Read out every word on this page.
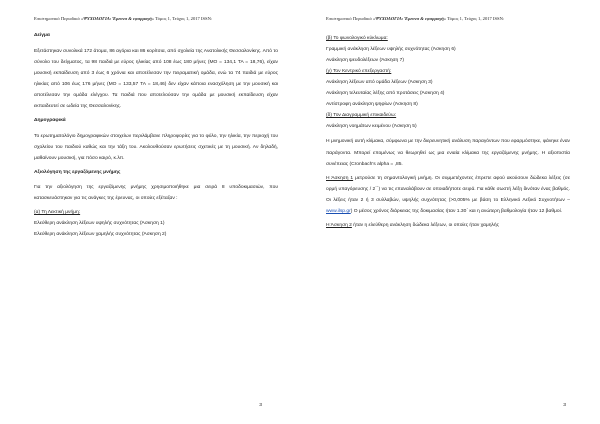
Επιστημονικό Περιοδικό «ΨΥΧΟΛΟΓΙΑ: Έρευνα & εφαρμογή» Τόμος 1, Τεύχος 1, 2017 ISSN:
Δείγμα

Εξετάστηκαν συνολικά 172 άτομα, 86 αγόρια και 86 κορίτσια, από σχολεία της Ανατολικής Θεσσαλονίκης. Από το σύνολο του δείγματος, τα 98 παιδιά με εύρος ηλικίας από 108 έως 180 μήνες (ΜΟ = 134,1 ΤΑ = 18,76), είχαν μουσική εκπαίδευση από 3 έως 6 χρόνια και αποτέλεσαν την πειραματική ομάδα, ενώ τα 74 παιδιά με εύρος ηλικίας από 106 έως 176 μήνες (ΜΟ = 133,57 ΤΑ = 18,46) δεν είχαν κάποια ενασχόληση με την μουσική και αποτέλεσαν την ομάδα ελέγχου. Τα παιδιά που αποτελούσαν την ομάδα με μουσική εκπαίδευση είχαν εκπαιδευτεί σε ωδεία της Θεσσαλονίκης.

Δημογραφικά

Το ερωτηματολόγιο δημογραφικών στοιχείων περιλάμβανε πληροφορίες για το φύλο, την ηλικία, την περιοχή του σχολείου του παιδιού καθώς και την τάξη του. Ακολουθούσαν ερωτήσεις σχετικές με τη μουσική. Αν δηλαδή, μαθαίνουν μουσική, για πόσο καιρό, κ.λπ.

Αξιολόγηση της εργαζόμενης μνήμης

Για την αξιολόγηση της εργαζόμενης μνήμης χρησιμοποιήθηκε μια σειρά 8 υποδοκιμασιών, που κατασκευάστηκαν για τις ανάγκες της έρευνας, οι οποίες εξέταζαν :

(α) Τη Λεκτική μνήμη:

Ελεύθερη ανάκληση λέξεων υψηλής συχνότητας (Άσκηση 1)

Ελεύθερη ανάκληση λέξεων χαμηλής συχνότητας (Άσκηση 2)

3
Επιστημονικό Περιοδικό «ΨΥΧΟΛΟΓΙΑ: Έρευνα & εφαρμογή» Τόμος 1, Τεύχος 1, 2017 ISSN:

(β) Το φωνολογικό κύκλωμα:

Γραμμική ανάκληση λέξεων υψηλής συχνότητας (Άσκηση 6)

Ανάκληση ψευδολέξεων (Άσκηση 7)

(γ) Τον Κεντρικό επεξεργαστή:

Ανάκληση λέξεων από ομάδα λέξεων (Άσκηση 3)

Ανάκληση τελευταίας λέξης από προτάσεις (Άσκηση 4)

Αντίστροφη ανάκληση ψηφίων (Άσκηση 8)

(δ) Τον Διαγραμμική επικαιδεύω:

Ανάκληση νοημάτων κειμένου (Άσκηση 5)

Η μνημονική αυτή κλίμακα, σύμφωνα με την διερευνητική ανάλυση παραγόντων που εφαρμόστηκε, φάνηκε έναν παράγοντα. Μπορεί επομένως να θεωρηθεί ως μια ενιαία κλίμακα της εργαζόμενης μνήμης. Η αξιοπιστία συνέπειας (Cronbach's alpha = ,85.

Η Άσκηση 1 μετρούσε τη σημαντολογική μνήμη. Οι συμμετέχοντες έπρεπε αφού ακούσουν δώδεκα λέξεις (σε ορμή υπαγόρευσης / 2΄΄) να τις επαναλάβουν σε οποιαδήποτε σειρά. Για κάθε σωστή λέξη δινόταν ένας βαθμός. Οι λέξεις ήταν 2 ή 3 συλλαβών, υψηλής συχνότητας (>0,005% με βάση το Ελληνικό Λεξικό Συχνοτήτων – www.ilsp.gr) Ο μέσος χρόνος διάρκειας της δοκιμασίας ήταν 1.30΄ και η ανώτερη βαθμολογία ήταν 12 βαθμοί.

Η Άσκηση 2 ήταν η ελεύθερη ανάκληση δώδεκα λέξεων, οι οποίες ήταν χαμηλής

3
